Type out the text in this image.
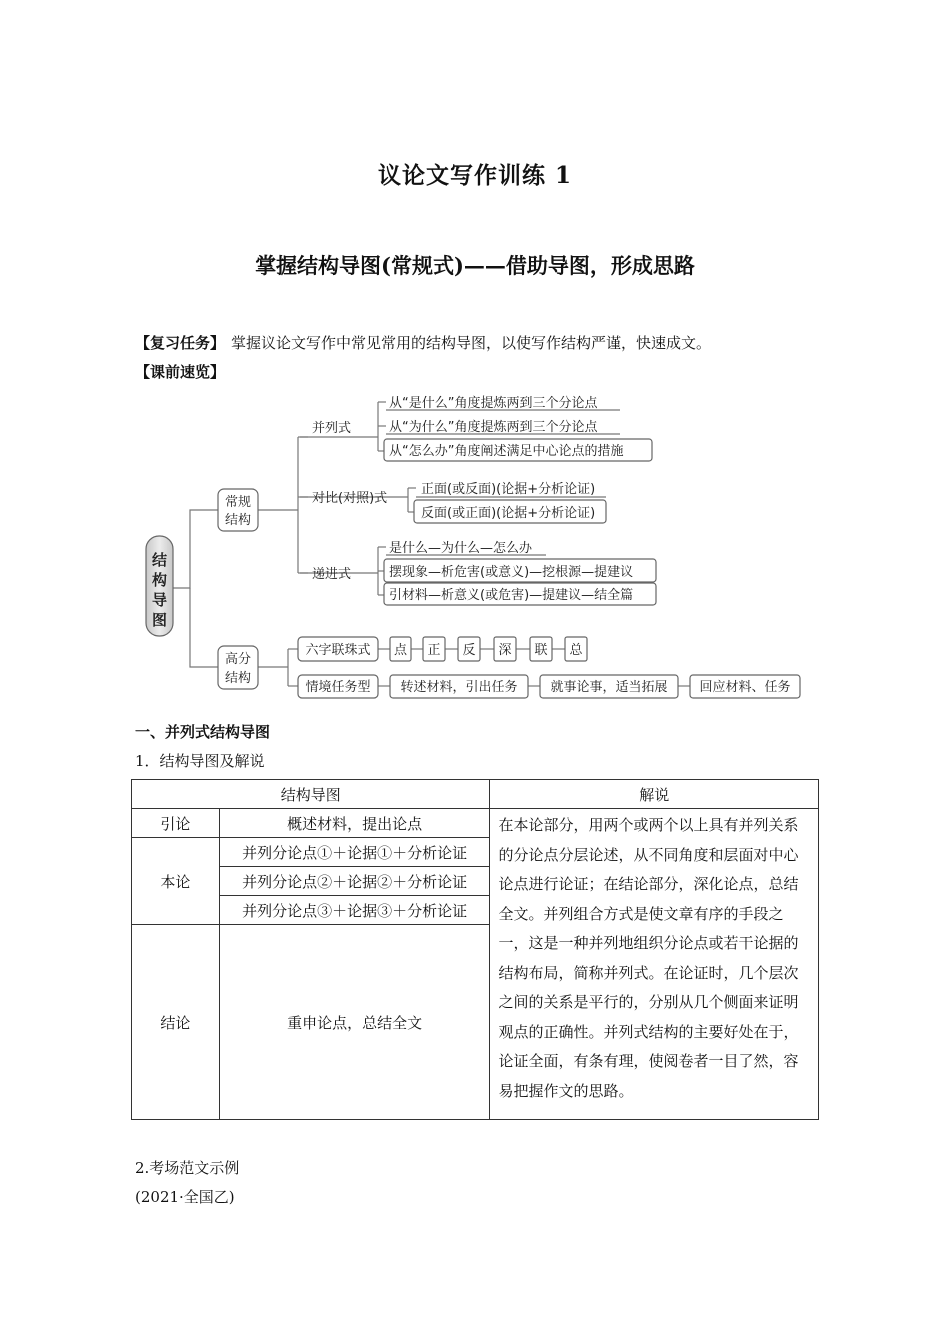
议论文写作训练 1
掌握结构导图(常规式)——借助导图，形成思路
【复习任务】 掌握议论文写作中常见常用的结构导图，以使写作结构严谨，快速成文。
【课前速览】
结
构
导
图
常规
结构
高分
结构
并列式
对比(对照)式
递进式
从“是什么”角度提炼两到三个分论点
从“为什么”角度提炼两到三个分论点
从“怎么办”角度阐述满足中心论点的措施
正面(或反面)(论据+分析论证)
反面(或正面)(论据+分析论证)
是什么—为什么—怎么办
摆现象—析危害(或意义)—挖根源—提建议
引材料—析意义(或危害)—提建议—结全篇
六字联珠式
情境任务型
点 正 反 深 联 总
转述材料，引出任务	就事论事，适当拓展 回应材料、任务
一、并列式结构导图
1．结构导图及解说
结构导图		解说
引论	概述材料，提出论点	在本论部分，用两个或两个以上具有并列关系的分论点分层论述，从不同角度和层面对中心论点进行论证；在结论部分，深化论点，总结全文。并列组合方式是使文章有序的手段之一，这是一种并列地组织分论点或若干论据的结构布局，简称并列式。在论证时，几个层次之间的关系是平行的，分别从几个侧面来证明观点的正确性。并列式结构的主要好处在于，论证全面，有条有理，使阅卷者一目了然，容易把握作文的思路。
本论	并列分论点①＋论据①＋分析论证	
	并列分论点②＋论据②＋分析论证	
	并列分论点③＋论据③＋分析论证	
结论	重申论点，总结全文	
2.考场范文示例
(2021·全国乙)
